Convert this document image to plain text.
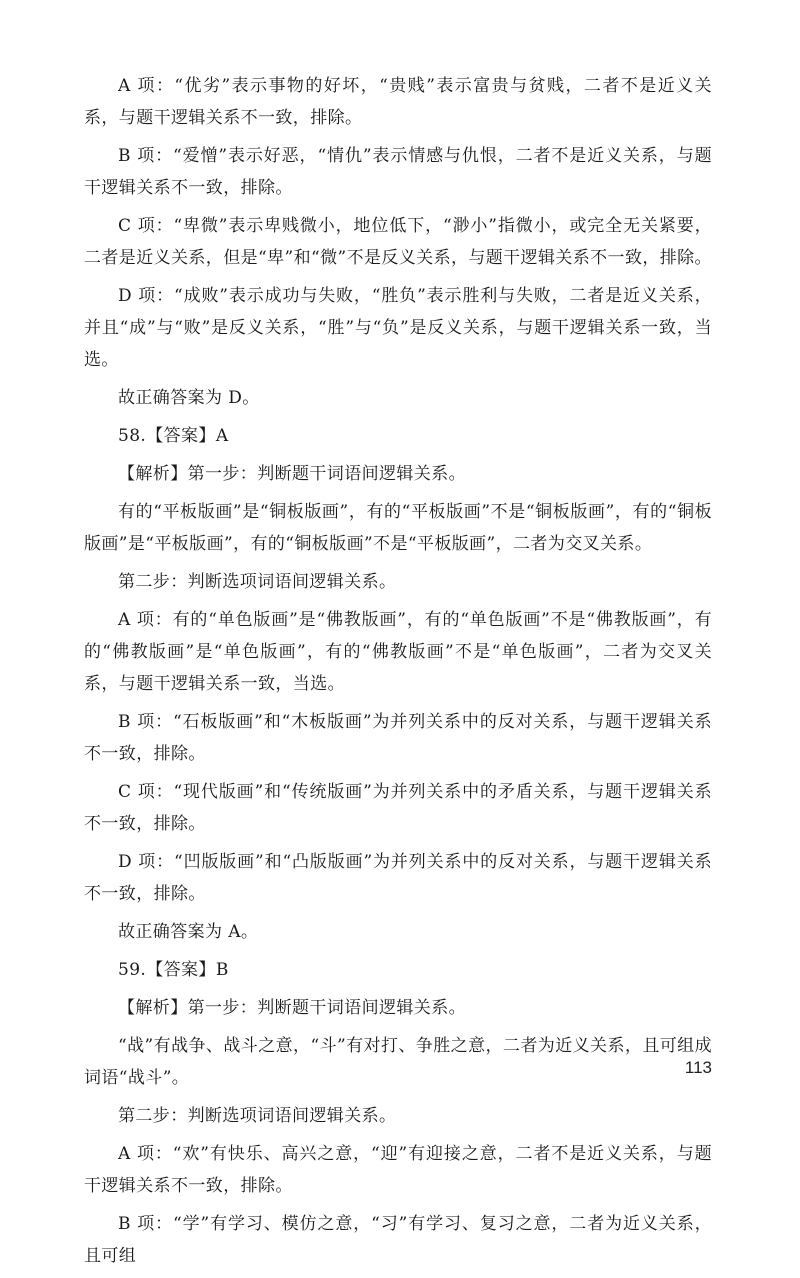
A 项：“优劣”表示事物的好坏，“贵贱”表示富贵与贫贱，二者不是近义关系，与题干逻辑关系不一致，排除。

B 项：“爱憎”表示好恶，“情仇”表示情感与仇恨，二者不是近义关系，与题干逻辑关系不一致，排除。

C 项：“卑微”表示卑贱微小，地位低下，“渺小”指微小，或完全无关紧要，二者是近义关系，但是“卑”和“微”不是反义关系，与题干逻辑关系不一致，排除。

D 项：“成败”表示成功与失败，“胜负”表示胜利与失败，二者是近义关系，并且“成”与“败”是反义关系，“胜”与“负”是反义关系，与题干逻辑关系一致，当选。

故正确答案为 D。

58.【答案】A

【解析】第一步：判断题干词语间逻辑关系。

有的“平板版画”是“铜板版画”，有的“平板版画”不是“铜板版画”，有的“铜板版画”是“平板版画”，有的“铜板版画”不是“平板版画”，二者为交叉关系。

第二步：判断选项词语间逻辑关系。

A 项：有的“单色版画”是“佛教版画”，有的“单色版画”不是“佛教版画”，有的“佛教版画”是“单色版画”，有的“佛教版画”不是“单色版画”，二者为交叉关系，与题干逻辑关系一致，当选。

B 项：“石板版画”和“木板版画”为并列关系中的反对关系，与题干逻辑关系不一致，排除。

C 项：“现代版画”和“传统版画”为并列关系中的矛盾关系，与题干逻辑关系不一致，排除。

D 项：“凹版版画”和“凸版版画”为并列关系中的反对关系，与题干逻辑关系不一致，排除。

故正确答案为 A。

59.【答案】B

【解析】第一步：判断题干词语间逻辑关系。

“战”有战争、战斗之意，“斗”有对打、争胜之意，二者为近义关系，且可组成词语“战斗”。

第二步：判断选项词语间逻辑关系。

A 项：“欢”有快乐、高兴之意，“迎”有迎接之意，二者不是近义关系，与题干逻辑关系不一致，排除。

B 项：“学”有学习、模仿之意，“习”有学习、复习之意，二者为近义关系，且可组

113
